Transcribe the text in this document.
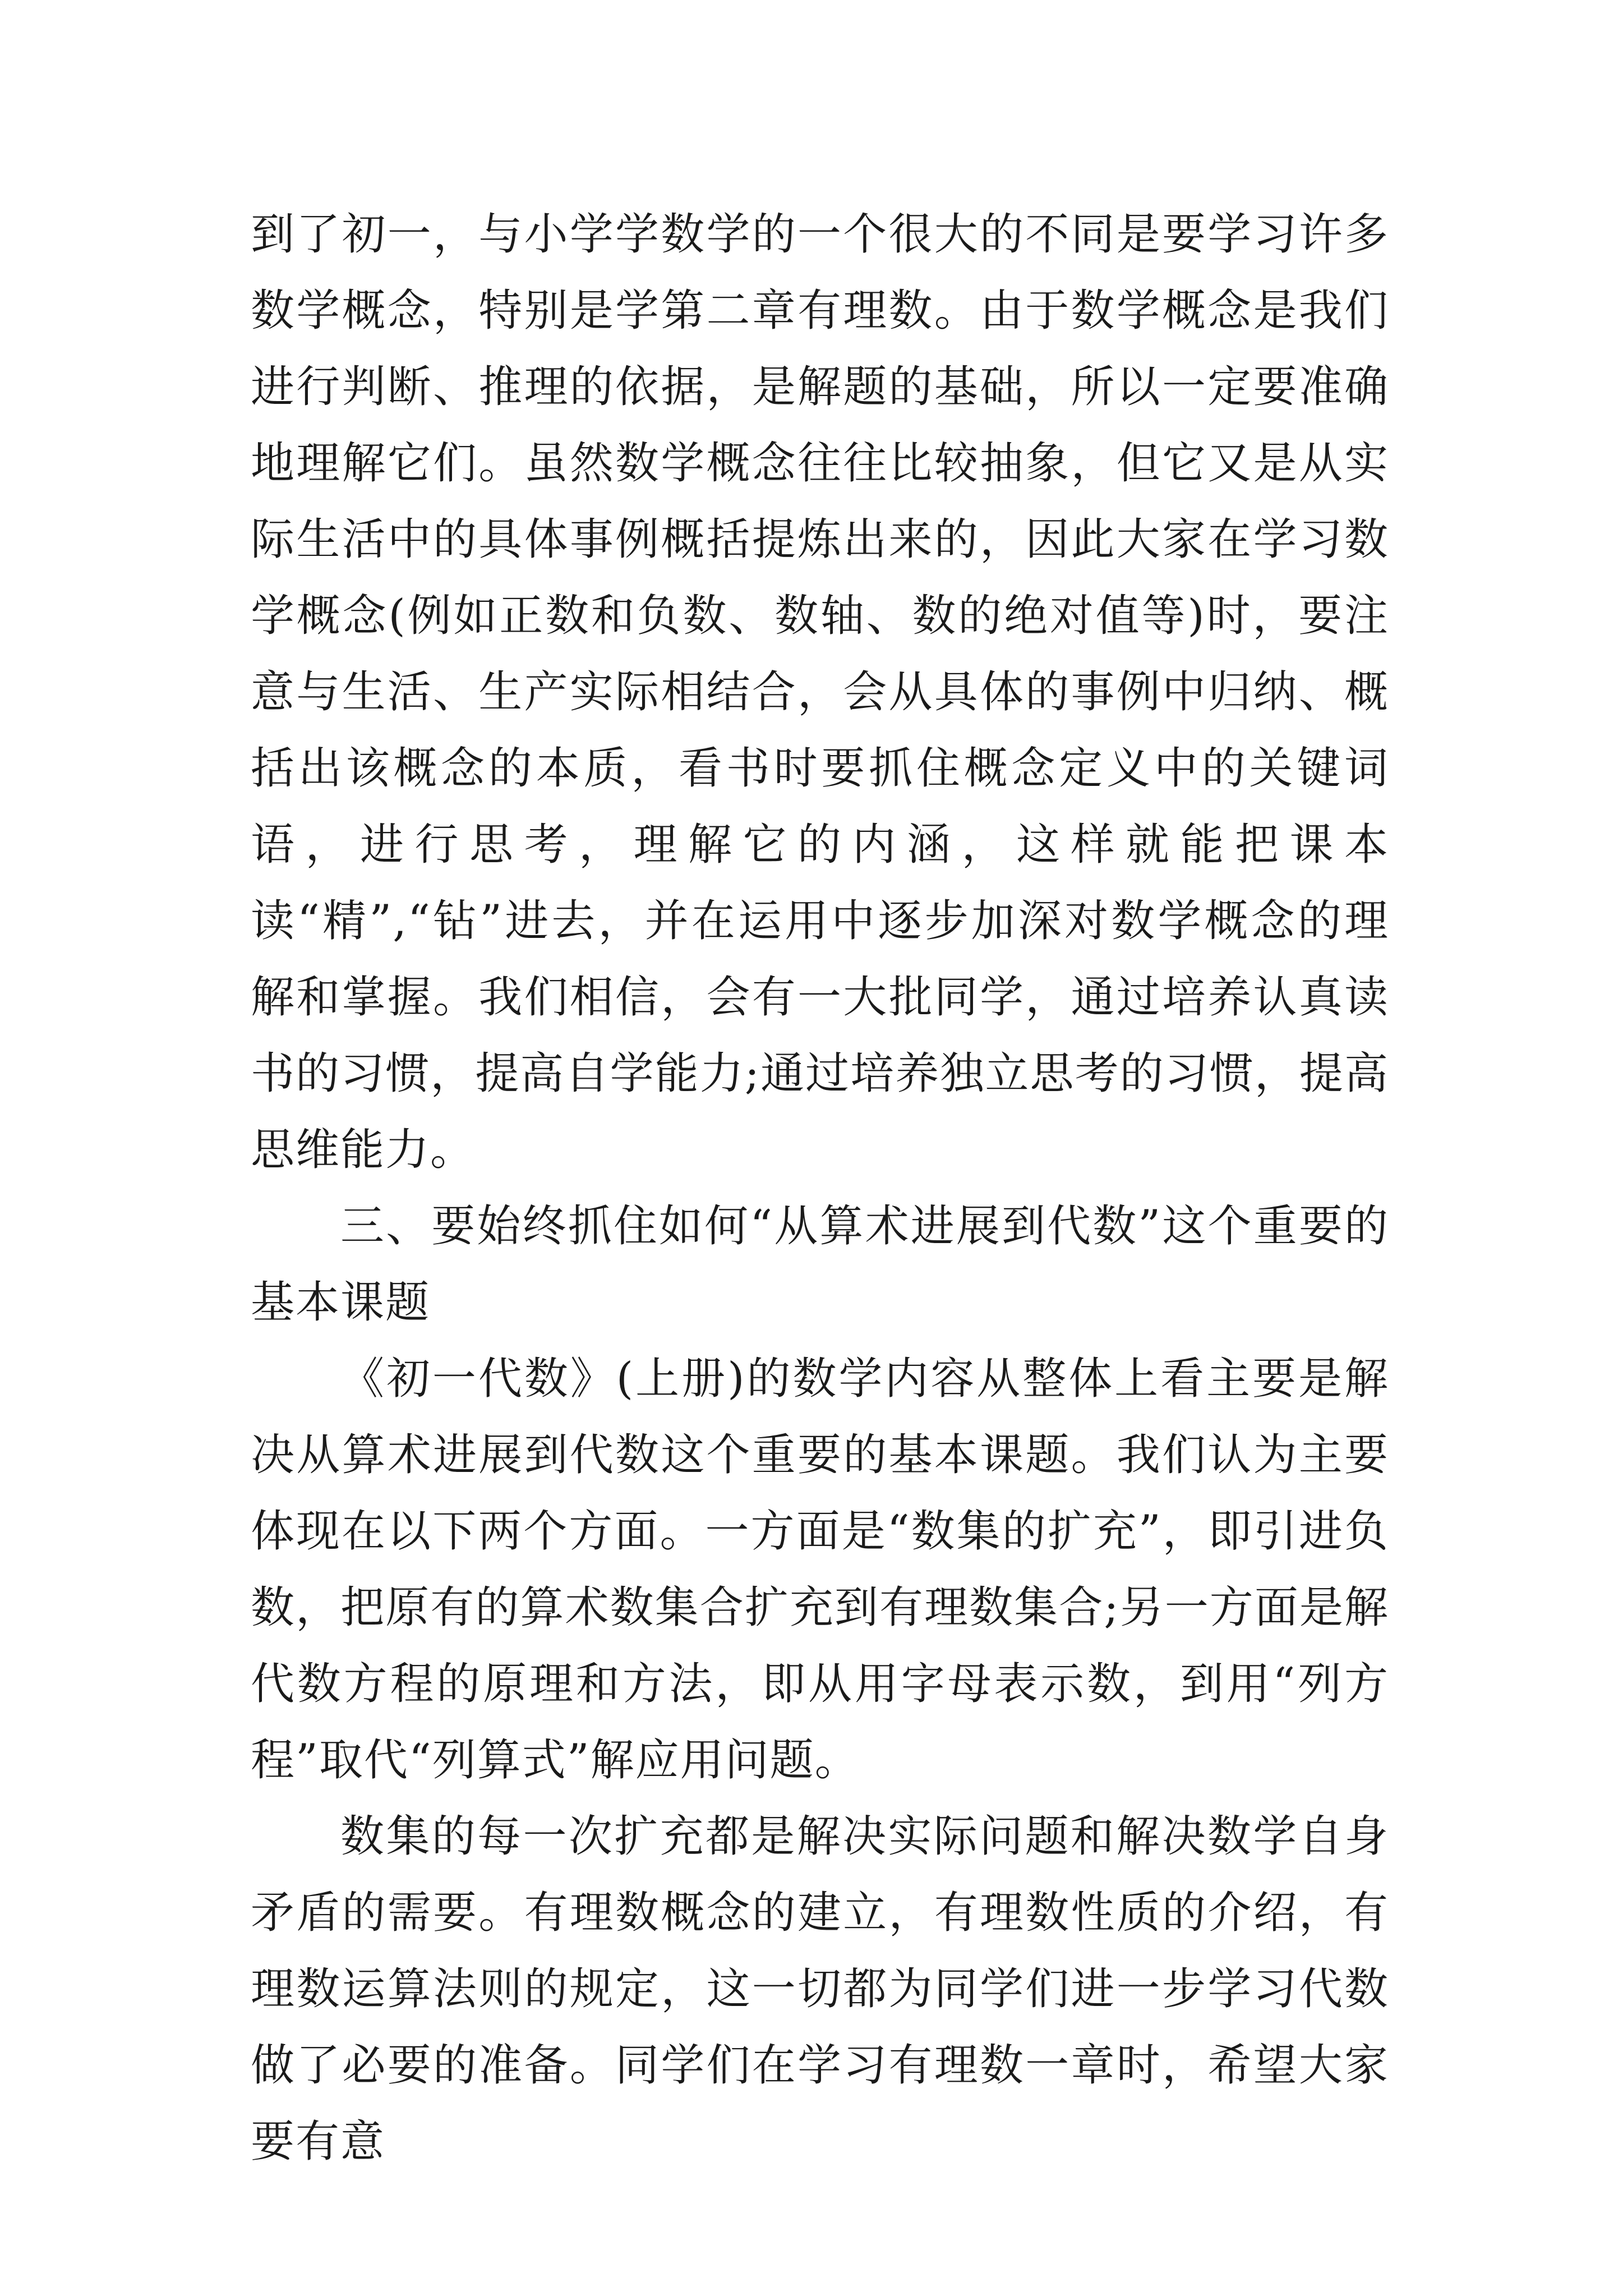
到了初一，与小学学数学的一个很大的不同是要学习许多数学概念，特别是学第二章有理数。由于数学概念是我们进行判断、推理的依据，是解题的基础，所以一定要准确地理解它们。虽然数学概念往往比较抽象，但它又是从实际生活中的具体事例概括提炼出来的，因此大家在学习数学概念(例如正数和负数、数轴、数的绝对值等)时，要注意与生活、生产实际相结合，会从具体的事例中归纳、概括出该概念的本质，看书时要抓住概念定义中的关键词语，进行思考，理解它的内涵，这样就能把课本读“精”,“钻”进去，并在运用中逐步加深对数学概念的理解和掌握。我们相信，会有一大批同学，通过培养认真读书的习惯，提高自学能力;通过培养独立思考的习惯，提高思维能力。

三、要始终抓住如何“从算术进展到代数”这个重要的基本课题

《初一代数》(上册)的数学内容从整体上看主要是解决从算术进展到代数这个重要的基本课题。我们认为主要体现在以下两个方面。一方面是“数集的扩充”，即引进负数，把原有的算术数集合扩充到有理数集合;另一方面是解代数方程的原理和方法，即从用字母表示数，到用“列方程”取代“列算式”解应用问题。

数集的每一次扩充都是解决实际问题和解决数学自身矛盾的需要。有理数概念的建立，有理数性质的介绍，有理数运算法则的规定，这一切都为同学们进一步学习代数做了必要的准备。同学们在学习有理数一章时，希望大家要有意
